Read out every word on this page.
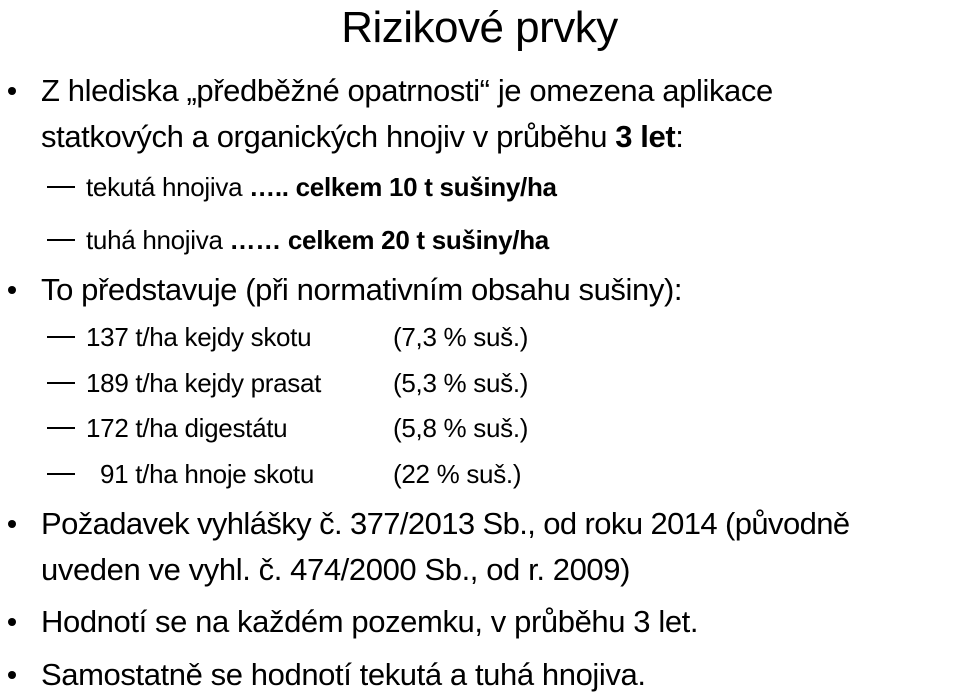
Rizikové prvky
Z hlediska „předběžné opatrnosti“ je omezena aplikace
statkových a organických hnojiv v průběhu 3 let:
tekutá hnojiva ….. celkem 10 t sušiny/ha
tuhá hnojiva …… celkem 20 t sušiny/ha
To představuje (při normativním obsahu sušiny):
137 t/ha kejdy skotu	(7,3 % suš.)
189 t/ha kejdy prasat	(5,3 % suš.)
172 t/ha digestátu	(5,8 % suš.)
91 t/ha hnoje skotu	(22 % suš.)
Požadavek vyhlášky č. 377/2013 Sb., od roku 2014 (původně
uveden ve vyhl. č. 474/2000 Sb., od r. 2009)
Hodnotí se na každém pozemku, v průběhu 3 let.
Samostatně se hodnotí tekutá a tuhá hnojiva.
